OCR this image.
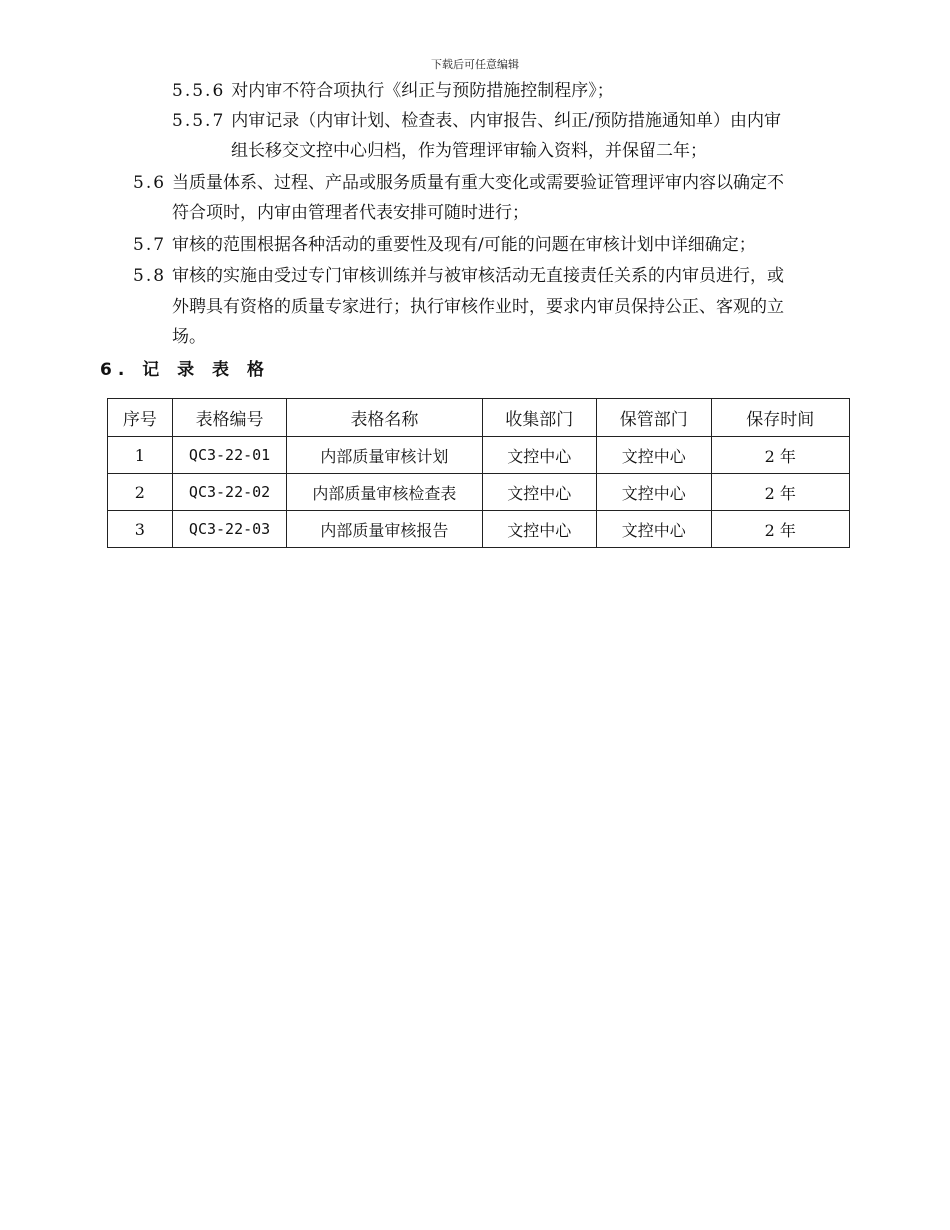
下载后可任意编辑
5.5.6 对内审不符合项执行《纠正与预防措施控制程序》；
5.5.7 内审记录（内审计划、检查表、内审报告、纠正/预防措施通知单）由内审
组长移交文控中心归档，作为管理评审输入资料，并保留二年；
5.6 当质量体系、过程、产品或服务质量有重大变化或需要验证管理评审内容以确定不
符合项时，内审由管理者代表安排可随时进行；
5.7 审核的范围根据各种活动的重要性及现有/可能的问题在审核计划中详细确定；
5.8 审核的实施由受过专门审核训练并与被审核活动无直接责任关系的内审员进行，或
外聘具有资格的质量专家进行；执行审核作业时，要求内审员保持公正、客观的立
场。
6. 记 录 表 格
序号	表格编号	表格名称	收集部门	保管部门	保存时间
1	QC3-22-01	内部质量审核计划	文控中心	文控中心	2 年
2	QC3-22-02	内部质量审核检查表	文控中心	文控中心	2 年
3	QC3-22-03	内部质量审核报告	文控中心	文控中心	2 年
